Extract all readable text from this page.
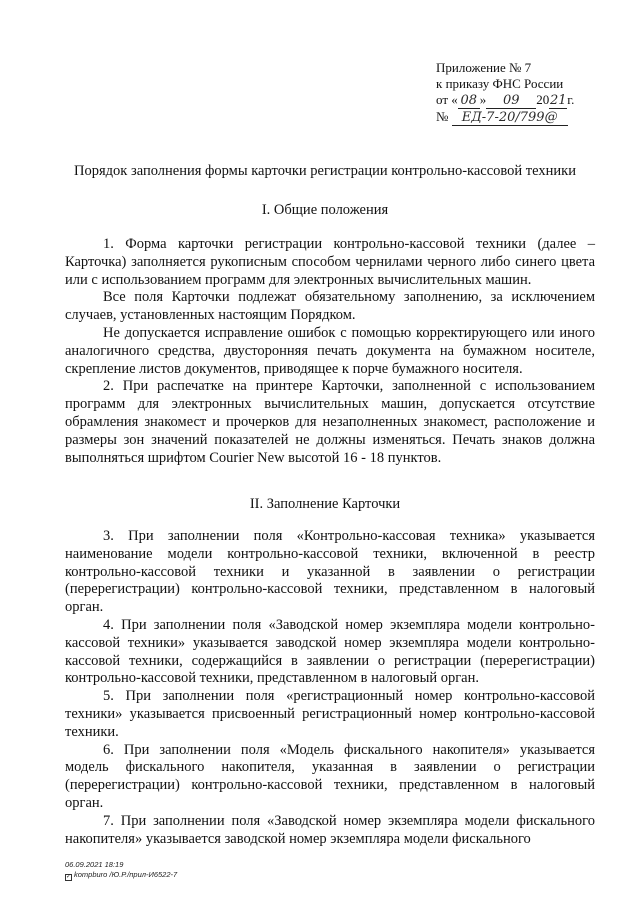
Приложение № 7
к приказу ФНС России
от « 08 » 09 2021г.
№ ЕД-7-20/799@
Порядок заполнения формы карточки регистрации контрольно-кассовой техники
I. Общие положения

1. Форма карточки регистрации контрольно-кассовой техники (далее – Карточка) заполняется рукописным способом чернилами черного либо синего цвета или с использованием программ для электронных вычислительных машин.

Все поля Карточки подлежат обязательному заполнению, за исключением случаев, установленных настоящим Порядком.

Не допускается исправление ошибок с помощью корректирующего или иного аналогичного средства, двусторонняя печать документа на бумажном носителе, скрепление листов документов, приводящее к порче бумажного носителя.

2. При распечатке на принтере Карточки, заполненной с использованием программ для электронных вычислительных машин, допускается отсутствие обрамления знакомест и прочерков для незаполненных знакомест, расположение и размеры зон значений показателей не должны изменяться. Печать знаков должна выполняться шрифтом Courier New высотой 16 - 18 пунктов.

II. Заполнение Карточки

3. При заполнении поля «Контрольно-кассовая техника» указывается наименование модели контрольно-кассовой техники, включенной в реестр контрольно-кассовой техники и указанной в заявлении о регистрации (перерегистрации) контрольно-кассовой техники, представленном в налоговый орган.

4. При заполнении поля «Заводской номер экземпляра модели контрольно-кассовой техники» указывается заводской номер экземпляра модели контрольно-кассовой техники, содержащийся в заявлении о регистрации (перерегистрации) контрольно-кассовой техники, представленном в налоговый орган.

5. При заполнении поля «регистрационный номер контрольно-кассовой техники» указывается присвоенный регистрационный номер контрольно-кассовой техники.

6. При заполнении поля «Модель фискального накопителя» указывается модель фискального накопителя, указанная в заявлении о регистрации (перерегистрации) контрольно-кассовой техники, представленном в налоговый орган.

7. При заполнении поля «Заводской номер экземпляра модели фискального накопителя» указывается заводской номер экземпляра модели фискального

06.09.2021 18:19
✓ kompburo /Ю.Р./прил-И6522-7
